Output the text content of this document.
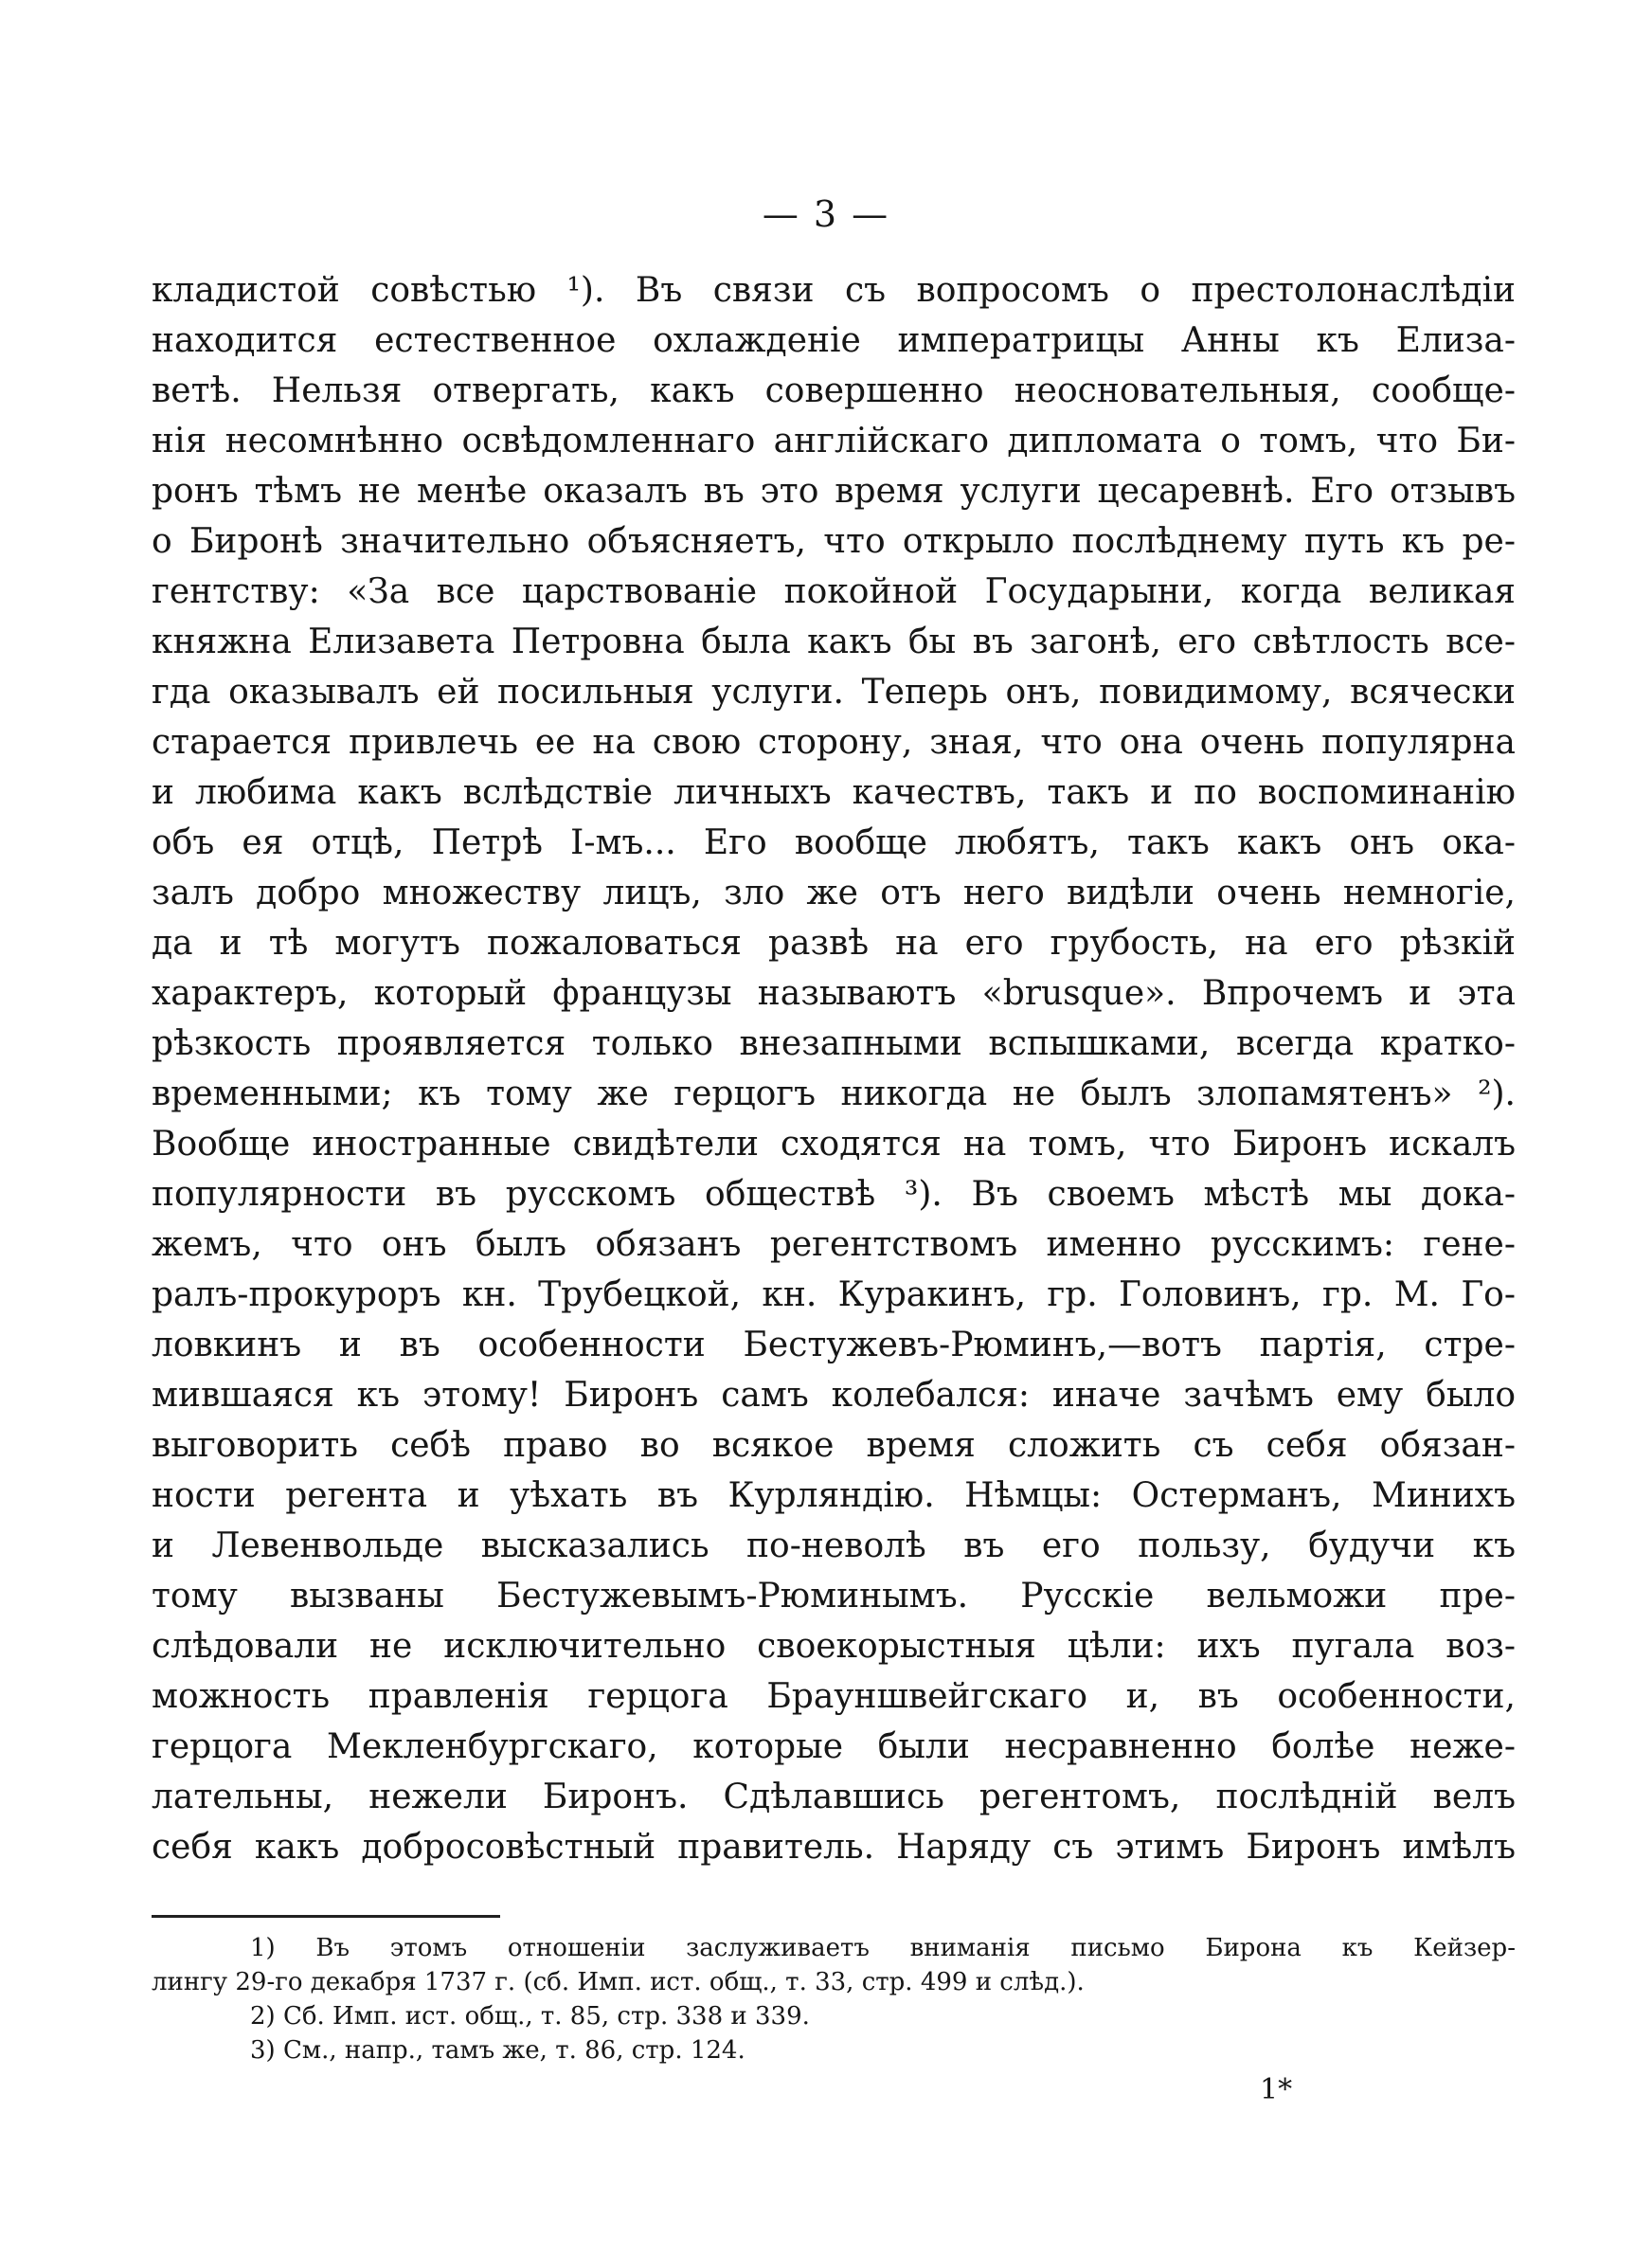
— 3 —
кладистой совѣстью ¹). Въ связи съ вопросомъ о престолонаслѣдіи
находится естественное охлажденіе императрицы Анны къ Елиза-
ветѣ. Нельзя отвергать, какъ совершенно неосновательныя, сообще-
нія несомнѣнно освѣдомленнаго англійскаго дипломата о томъ, что Би-
ронъ тѣмъ не менѣе оказалъ въ это время услуги цесаревнѣ. Его отзывъ
о Биронѣ значительно объясняетъ, что открыло послѣднему путь къ ре-
гентству: «За все царствованіе покойной Государыни, когда великая
княжна Елизавета Петровна была какъ бы въ загонѣ, его свѣтлость все-
гда оказывалъ ей посильныя услуги. Теперь онъ, повидимому, всячески
старается привлечь ее на свою сторону, зная, что она очень популярна
и любима какъ вслѣдствіе личныхъ качествъ, такъ и по воспоминанію
объ ея отцѣ, Петрѣ I-мъ... Его вообще любятъ, такъ какъ онъ ока-
залъ добро множеству лицъ, зло же отъ него видѣли очень немногіе,
да и тѣ могутъ пожаловаться развѣ на его грубость, на его рѣзкій
характеръ, который французы называютъ «brusque». Впрочемъ и эта
рѣзкость проявляется только внезапными вспышками, всегда кратко-
временными; къ тому же герцогъ никогда не былъ злопамятенъ» ²).
Вообще иностранные свидѣтели сходятся на томъ, что Биронъ искалъ
популярности въ русскомъ обществѣ ³). Въ своемъ мѣстѣ мы дока-
жемъ, что онъ былъ обязанъ регентствомъ именно русскимъ: гене-
ралъ-прокуроръ кн. Трубецкой, кн. Куракинъ, гр. Головинъ, гр. М. Го-
ловкинъ и въ особенности Бестужевъ-Рюминъ,—вотъ партія, стре-
мившаяся къ этому! Биронъ самъ колебался: иначе зачѣмъ ему было
выговорить себѣ право во всякое время сложить съ себя обязан-
ности регента и уѣхать въ Курляндію. Нѣмцы: Остерманъ, Минихъ
и Левенвольде высказались по-неволѣ въ его пользу, будучи къ
тому вызваны Бестужевымъ-Рюминымъ. Русскіе вельможи пре-
слѣдовали не исключительно своекорыстныя цѣли: ихъ пугала воз-
можность правленія герцога Брауншвейгскаго и, въ особенности,
герцога Мекленбургскаго, которые были несравненно болѣе неже-
лательны, нежели Биронъ. Сдѣлавшись регентомъ, послѣдній велъ
себя какъ добросовѣстный правитель. Наряду съ этимъ Биронъ имѣлъ
1) Въ этомъ отношеніи заслуживаетъ вниманія письмо Бирона къ Кейзер-
лингу 29-го декабря 1737 г. (сб. Имп. ист. общ., т. 33, стр. 499 и слѣд.).
2) Сб. Имп. ист. общ., т. 85, стр. 338 и 339.
3) См., напр., тамъ же, т. 86, стр. 124.
1*
